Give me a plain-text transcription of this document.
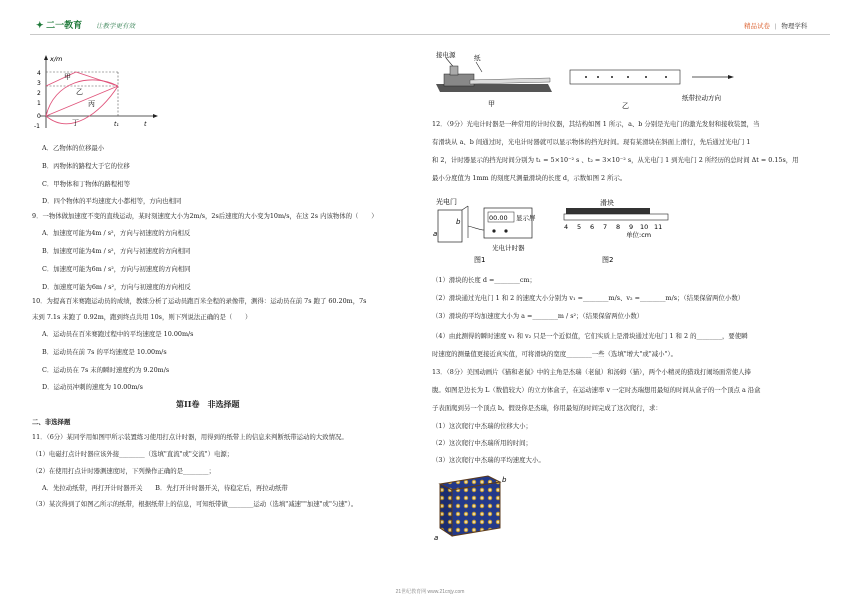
✦ 二一教育 让教学更有效	精品试卷 | 物理学科
x/m
4
3
2
1
0
-1
甲
乙
丙
丁	t
t₁
A．乙物体的位移最小
B．丙物体的路程大于它的位移
C．甲物体和丁物体的路程相等
D．四个物体的平均速度大小都相等，方向也相同
9．一物体做加速度不变的直线运动，某时刻速度大小为2m/s，2s后速度的大小变为10m/s，在这 2s 内该物体的（　　）
A．加速度可能为4m / s²，方向与初速度的方向相反
B．加速度可能为4m / s²，方向与初速度的方向相同
C．加速度可能为6m / s²，方向与初速度的方向相同
D．加速度可能为6m / s²，方向与初速度的方向相反
10．为提高百米赛跑运动员的成绩，教练分析了运动员跑百米全程的录像带，测得：运动员在前 7s 跑了 60.20m，7s
末到 7.1s 末跑了 0.92m，跑到终点共用 10s，则下列说法正确的是（　　）
A．运动员在百米赛跑过程中的平均速度是 10.00m/s
B．运动员在前 7s 的平均速度是 10.00m/s
C．运动员在 7s 末的瞬时速度约为 9.20m/s
D．运动员冲刺的速度为 10.00m/s
第II卷　非选择题
二、非选择题
11．（6分）某同学用如图甲所示装置练习使用打点计时器，用得到的纸带上的信息来判断纸带运动的大致情况。
（1）电磁打点计时器应该外接________（选填"直流"或"交流"）电源；
（2）在使用打点计时器测速度时，下列操作正确的是________；
A．先拉动纸带，再打开计时器开关　　B．先打开计时器开关，待稳定后，再拉动纸带
（3）某次得到了如图乙所示的纸带，根据纸带上的信息，可知纸带做________运动（选填"减速""加速"或"匀速"）。
接电源	纸
甲	乙
纸带拉动方向
12．（9分）光电计时器是一种常用的计时仪器，其结构如图 1 所示，a、b 分别是光电门的激光发射和接收装置，当
有滑块从 a、b 间通过时，光电计时器就可以显示物体的挡光时间。现有某滑块在斜面上滑行，先后通过光电门 1
和 2，计时器显示的挡光时间分别为 t₁ = 5×10⁻² s 、t₂ = 3×10⁻² s，从光电门 1 到光电门 2 所经历的总时间 Δt = 0.15s，用
最小分度值为 1mm 的刻度尺测量滑块的长度 d，示数如图 2 所示。
光电门
a
b	00.00 显示屏
光电计时器
图1
滑块
4 5 6 7 8 9 10 11
单位:cm
图2
（1）滑块的长度 d =________cm；
（2）滑块通过光电门 1 和 2 的速度大小分别为 v₁ =________m/s、v₂ =________m/s；（结果保留两位小数）
（3）滑块的平均加速度大小为 a =________m / s²；（结果保留两位小数）
（4）由此测得的瞬时速度 v₁ 和 v₂ 只是一个近似值，它们实质上是滑块通过光电门 1 和 2 的________，要使瞬
时速度的测量值更接近真实值，可将滑块的宽度________一些（选填"增大"或"减小"）。
13．（8分）美国动画片《猫和老鼠》中的主角是杰瑞（老鼠）和汤姆（猫），两个小精灵的猎戏打闹场面常使人捧
腹。如图是边长为 L（数值较大）的立方体盒子，在运动速率 v 一定时杰瑞想用最短的时间从盒子的一个顶点 a 沿盒
子表面爬到另一个顶点 b。假设你是杰瑞，你用最短的时间完成了这次爬行，求：
（1）这次爬行中杰瑞的位移大小；
（2）这次爬行中杰瑞所用的时间；
（3）这次爬行中杰瑞的平均速度大小。
b
a
21世纪教育网 www.21cnjy.com
